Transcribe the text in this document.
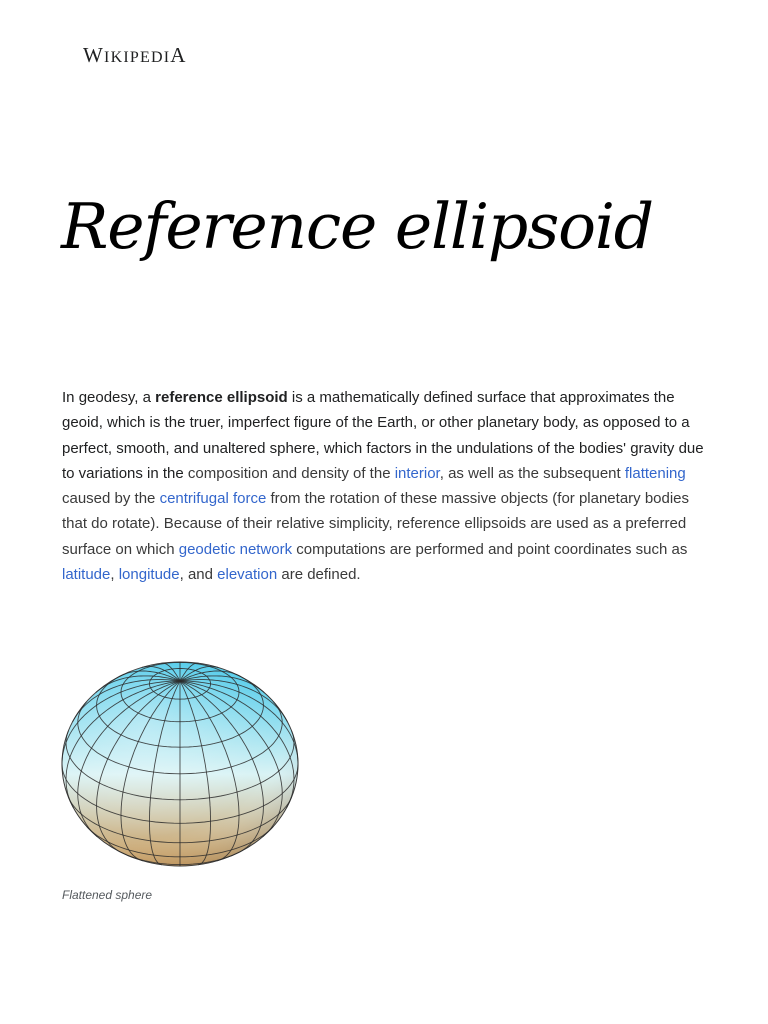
WIKIPEDIA
Reference ellipsoid

In geodesy, a reference ellipsoid is a mathematically defined surface that approximates the geoid, which is the truer, imperfect figure of the Earth, or other planetary body, as opposed to a perfect, smooth, and unaltered sphere, which factors in the undulations of the bodies' gravity due to variations in the composition and density of the interior, as well as the subsequent flattening caused by the centrifugal force from the rotation of these massive objects (for planetary bodies that do rotate). Because of their relative simplicity, reference ellipsoids are used as a preferred surface on which geodetic network computations are performed and point coordinates such as latitude, longitude, and elevation are defined.

Flattened sphere
